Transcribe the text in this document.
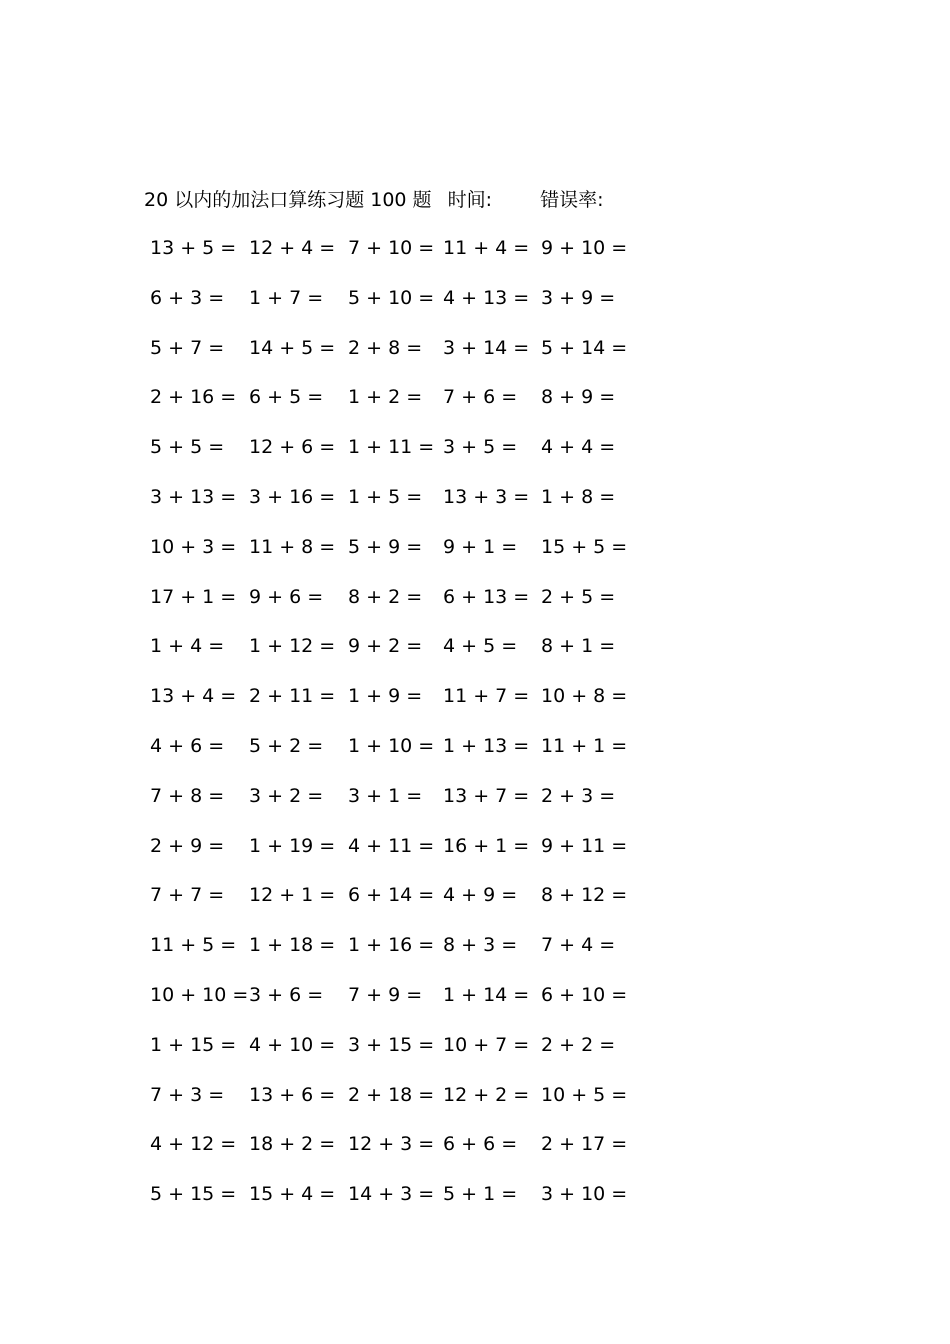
20 以内的加法口算练习题 100 题 时间:	错误率:
13 + 5 = 12 + 4 = 7 + 10 = 11 + 4 = 9 + 10 =
6 + 3 = 1 + 7 = 5 + 10 = 4 + 13 = 3 + 9 =
5 + 7 = 14 + 5 = 2 + 8 = 3 + 14 = 5 + 14 =
2 + 16 = 6 + 5 = 1 + 2 = 7 + 6 = 8 + 9 =
5 + 5 = 12 + 6 = 1 + 11 = 3 + 5 = 4 + 4 =
3 + 13 = 3 + 16 = 1 + 5 = 13 + 3 = 1 + 8 =
10 + 3 = 11 + 8 = 5 + 9 = 9 + 1 = 15 + 5 =
17 + 1 = 9 + 6 = 8 + 2 = 6 + 13 = 2 + 5 =
1 + 4 = 1 + 12 = 9 + 2 = 4 + 5 = 8 + 1 =
13 + 4 = 2 + 11 = 1 + 9 = 11 + 7 = 10 + 8 =
4 + 6 = 5 + 2 = 1 + 10 = 1 + 13 = 11 + 1 =
7 + 8 = 3 + 2 = 3 + 1 = 13 + 7 = 2 + 3 =
2 + 9 = 1 + 19 = 4 + 11 = 16 + 1 = 9 + 11 =
7 + 7 = 12 + 1 = 6 + 14 = 4 + 9 = 8 + 12 =
11 + 5 = 1 + 18 = 1 + 16 = 8 + 3 = 7 + 4 =
10 + 10 = 3 + 6 = 7 + 9 = 1 + 14 = 6 + 10 =
1 + 15 = 4 + 10 = 3 + 15 = 10 + 7 = 2 + 2 =
7 + 3 = 13 + 6 = 2 + 18 = 12 + 2 = 10 + 5 =
4 + 12 = 18 + 2 = 12 + 3 = 6 + 6 = 2 + 17 =
5 + 15 = 15 + 4 = 14 + 3 = 5 + 1 = 3 + 10 =
